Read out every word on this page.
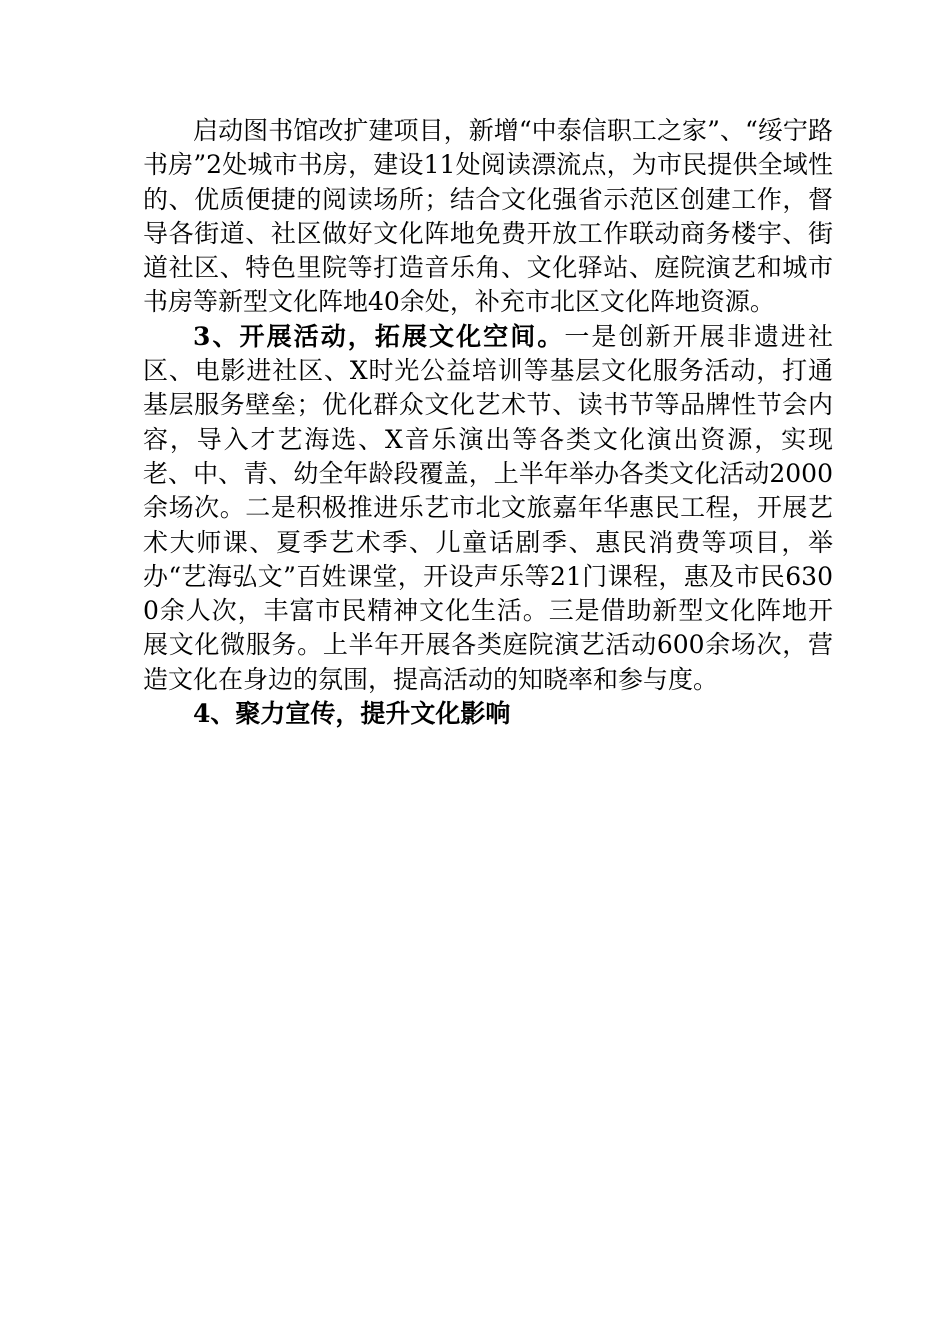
启动图书馆改扩建项目，新增“中泰信职工之家”、“绥宁路书房”2处城市书房，建设11处阅读漂流点，为市民提供全域性的、优质便捷的阅读场所；结合文化强省示范区创建工作，督导各街道、社区做好文化阵地免费开放工作联动商务楼宇、街道社区、特色里院等打造音乐角、文化驿站、庭院演艺和城市书房等新型文化阵地40余处，补充市北区文化阵地资源。

3、开展活动，拓展文化空间。一是创新开展非遗进社区、电影进社区、X时光公益培训等基层文化服务活动，打通基层服务壁垒；优化群众文化艺术节、读书节等品牌性节会内容，导入才艺海选、X音乐演出等各类文化演出资源，实现老、中、青、幼全年龄段覆盖，上半年举办各类文化活动2000余场次。二是积极推进乐艺市北文旅嘉年华惠民工程，开展艺术大师课、夏季艺术季、儿童话剧季、惠民消费等项目，举办“艺海弘文”百姓课堂，开设声乐等21门课程，惠及市民6300余人次，丰富市民精神文化生活。三是借助新型文化阵地开展文化微服务。上半年开展各类庭院演艺活动600余场次，营造文化在身边的氛围，提高活动的知晓率和参与度。

4、聚力宣传，提升文化影响
